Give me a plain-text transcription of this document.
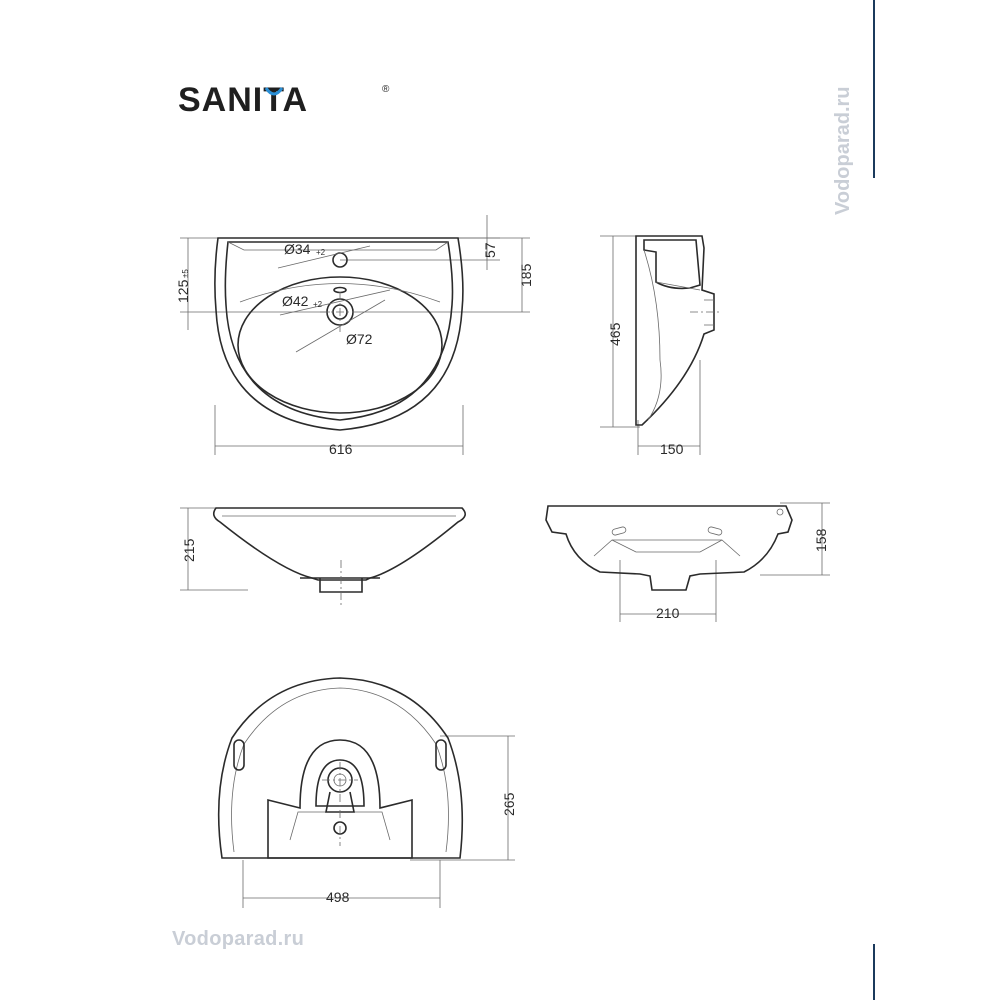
SANITA	®	Vodoparad.ru
Vodoparad.ru
Ø34 +2
Ø42 +2
Ø72
616
57
185
125
±5
465
150
215	158
210
265
498
